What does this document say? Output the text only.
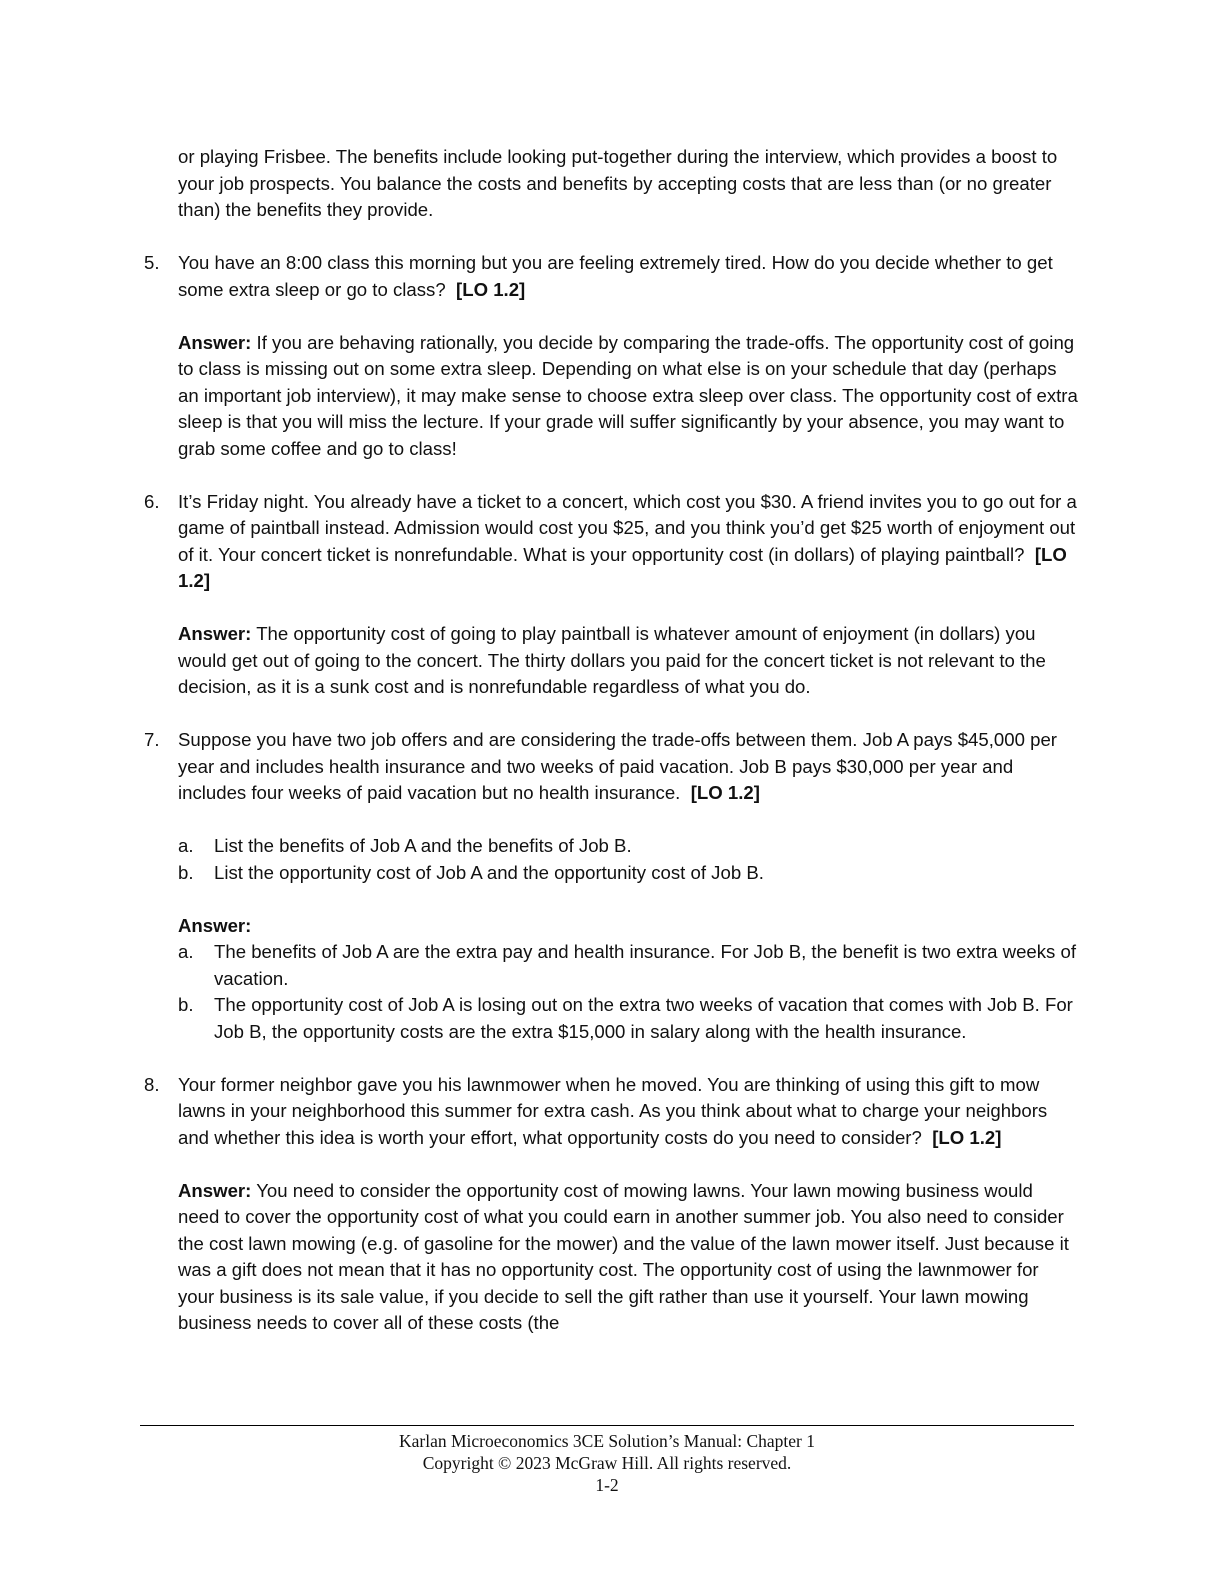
or playing Frisbee. The benefits include looking put-together during the interview, which provides a boost to your job prospects. You balance the costs and benefits by accepting costs that are less than (or no greater than) the benefits they provide.

5. You have an 8:00 class this morning but you are feeling extremely tired. How do you decide whether to get some extra sleep or go to class? [LO 1.2]

Answer: If you are behaving rationally, you decide by comparing the trade-offs. The opportunity cost of going to class is missing out on some extra sleep. Depending on what else is on your schedule that day (perhaps an important job interview), it may make sense to choose extra sleep over class. The opportunity cost of extra sleep is that you will miss the lecture. If your grade will suffer significantly by your absence, you may want to grab some coffee and go to class!

6. It’s Friday night. You already have a ticket to a concert, which cost you $30. A friend invites you to go out for a game of paintball instead. Admission would cost you $25, and you think you’d get $25 worth of enjoyment out of it. Your concert ticket is nonrefundable. What is your opportunity cost (in dollars) of playing paintball? [LO 1.2]

Answer: The opportunity cost of going to play paintball is whatever amount of enjoyment (in dollars) you would get out of going to the concert. The thirty dollars you paid for the concert ticket is not relevant to the decision, as it is a sunk cost and is nonrefundable regardless of what you do.

7. Suppose you have two job offers and are considering the trade-offs between them. Job A pays $45,000 per year and includes health insurance and two weeks of paid vacation. Job B pays $30,000 per year and includes four weeks of paid vacation but no health insurance. [LO 1.2]

a. List the benefits of Job A and the benefits of Job B.

b. List the opportunity cost of Job A and the opportunity cost of Job B.

Answer:

a. The benefits of Job A are the extra pay and health insurance. For Job B, the benefit is two extra weeks of vacation.

b. The opportunity cost of Job A is losing out on the extra two weeks of vacation that comes with Job B. For Job B, the opportunity costs are the extra $15,000 in salary along with the health insurance.

8. Your former neighbor gave you his lawnmower when he moved. You are thinking of using this gift to mow lawns in your neighborhood this summer for extra cash. As you think about what to charge your neighbors and whether this idea is worth your effort, what opportunity costs do you need to consider? [LO 1.2]

Answer: You need to consider the opportunity cost of mowing lawns. Your lawn mowing business would need to cover the opportunity cost of what you could earn in another summer job. You also need to consider the cost lawn mowing (e.g. of gasoline for the mower) and the value of the lawn mower itself. Just because it was a gift does not mean that it has no opportunity cost. The opportunity cost of using the lawnmower for your business is its sale value, if you decide to sell the gift rather than use it yourself. Your lawn mowing business needs to cover all of these costs (the

Karlan Microeconomics 3CE Solution’s Manual: Chapter 1
Copyright © 2023 McGraw Hill. All rights reserved.
1-2
